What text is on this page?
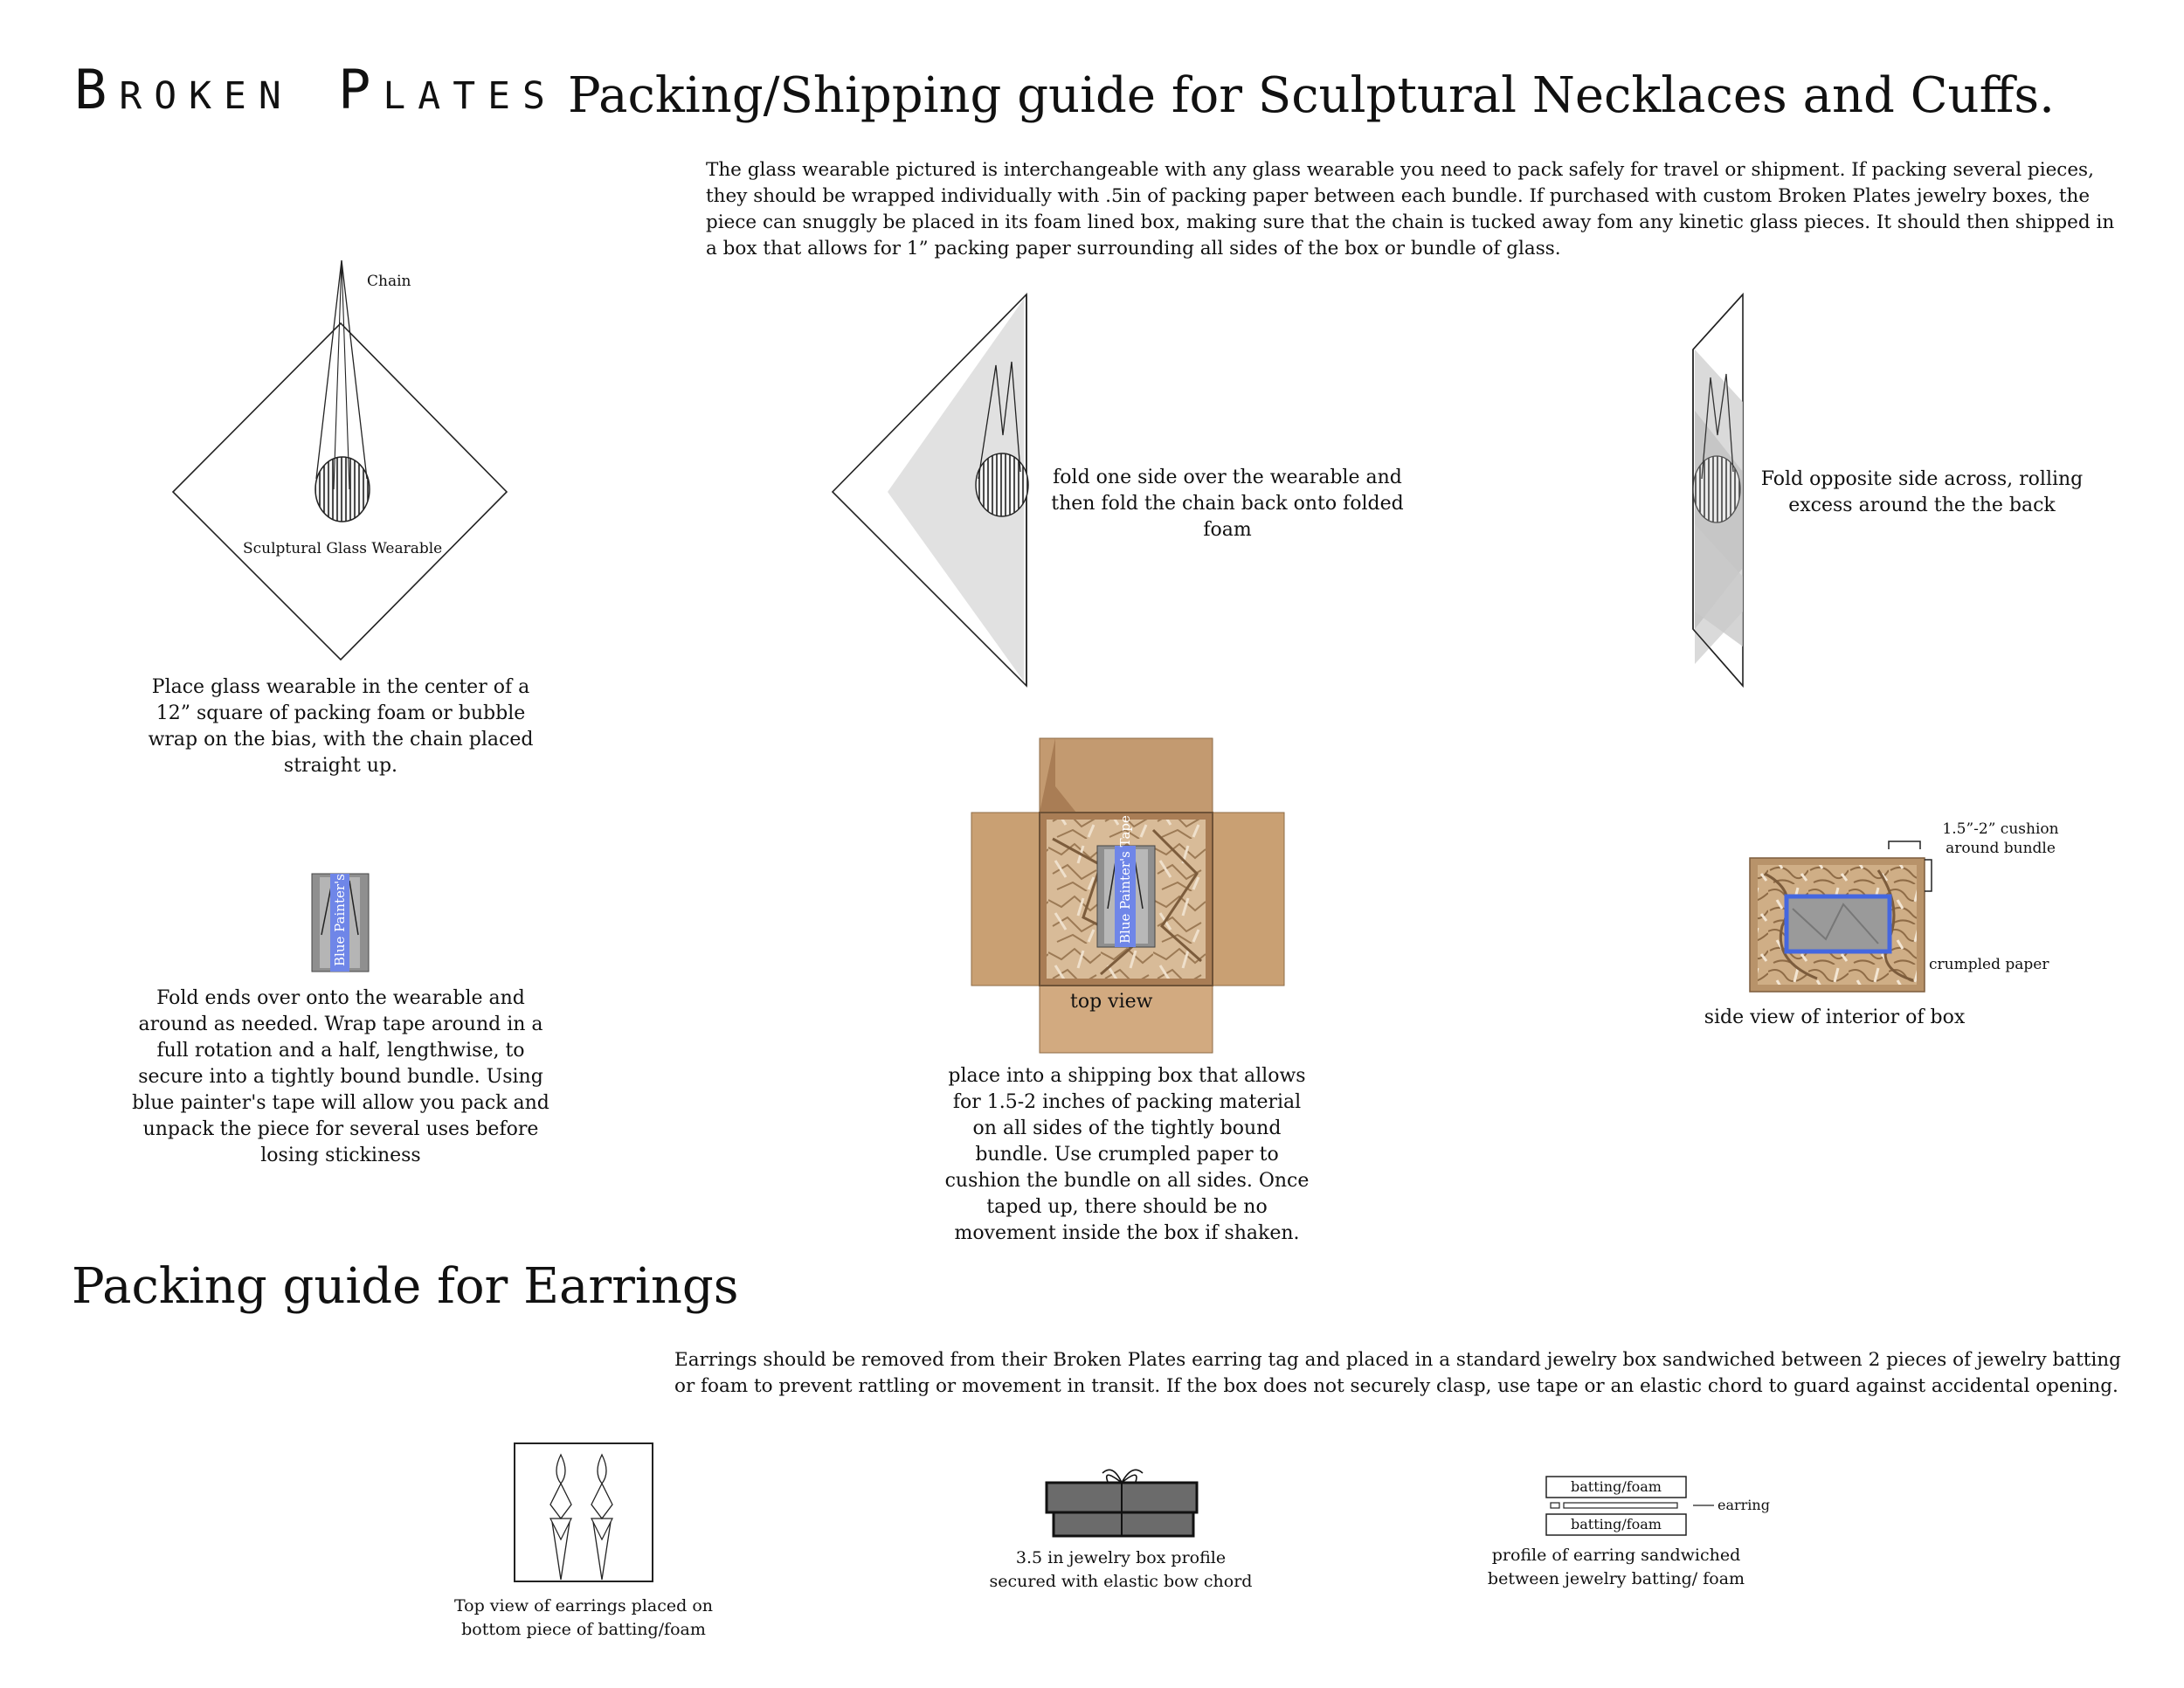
Broken Plates Packing/Shipping guide for Sculptural Necklaces and Cuffs.
The glass wearable pictured is interchangeable with any glass wearable you need to pack safely for travel or shipment. If packing several pieces, they should be wrapped individually with .5in of packing paper between each bundle. If purchased with custom Broken Plates jewelry boxes, the piece can snuggly be placed in its foam lined box, making sure that the chain is tucked away fom any kinetic glass pieces. It should then shipped in a box that allows for 1” packing paper surrounding all sides of the box or bundle of glass.
Blue Painter's Tape	Blue Painter's Tape
Chain
Sculptural Glass Wearable
Place glass wearable in the center of a 12” square of packing foam or bubble wrap on the bias, with the chain placed straight up.
fold one side over the wearable and then fold the chain back onto folded foam
Fold opposite side across, rolling excess around the the back
Fold ends over onto the wearable and around as needed. Wrap tape around in a full rotation and a half, lengthwise, to secure into a tightly bound bundle. Using blue painter's tape will allow you pack and unpack the piece for several uses before losing stickiness
top view
place into a shipping box that allows for 1.5-2 inches of packing material on all sides of the tightly bound bundle. Use crumpled paper to cushion the bundle on all sides. Once taped up, there should be no movement inside the box if shaken.
1.5”-2” cushion around bundle
crumpled paper
side view of interior of box
Packing guide for Earrings
Earrings should be removed from their Broken Plates earring tag and placed in a standard jewelry box sandwiched between 2 pieces of jewelry batting or foam to prevent rattling or movement in transit. If the box does not securely clasp, use tape or an elastic chord to guard against accidental opening.
Top view of earrings placed on bottom piece of batting/foam
3.5 in jewelry box profile secured with elastic bow chord
batting/foam
batting/foam
earring
profile of earring sandwiched between jewelry batting/ foam
